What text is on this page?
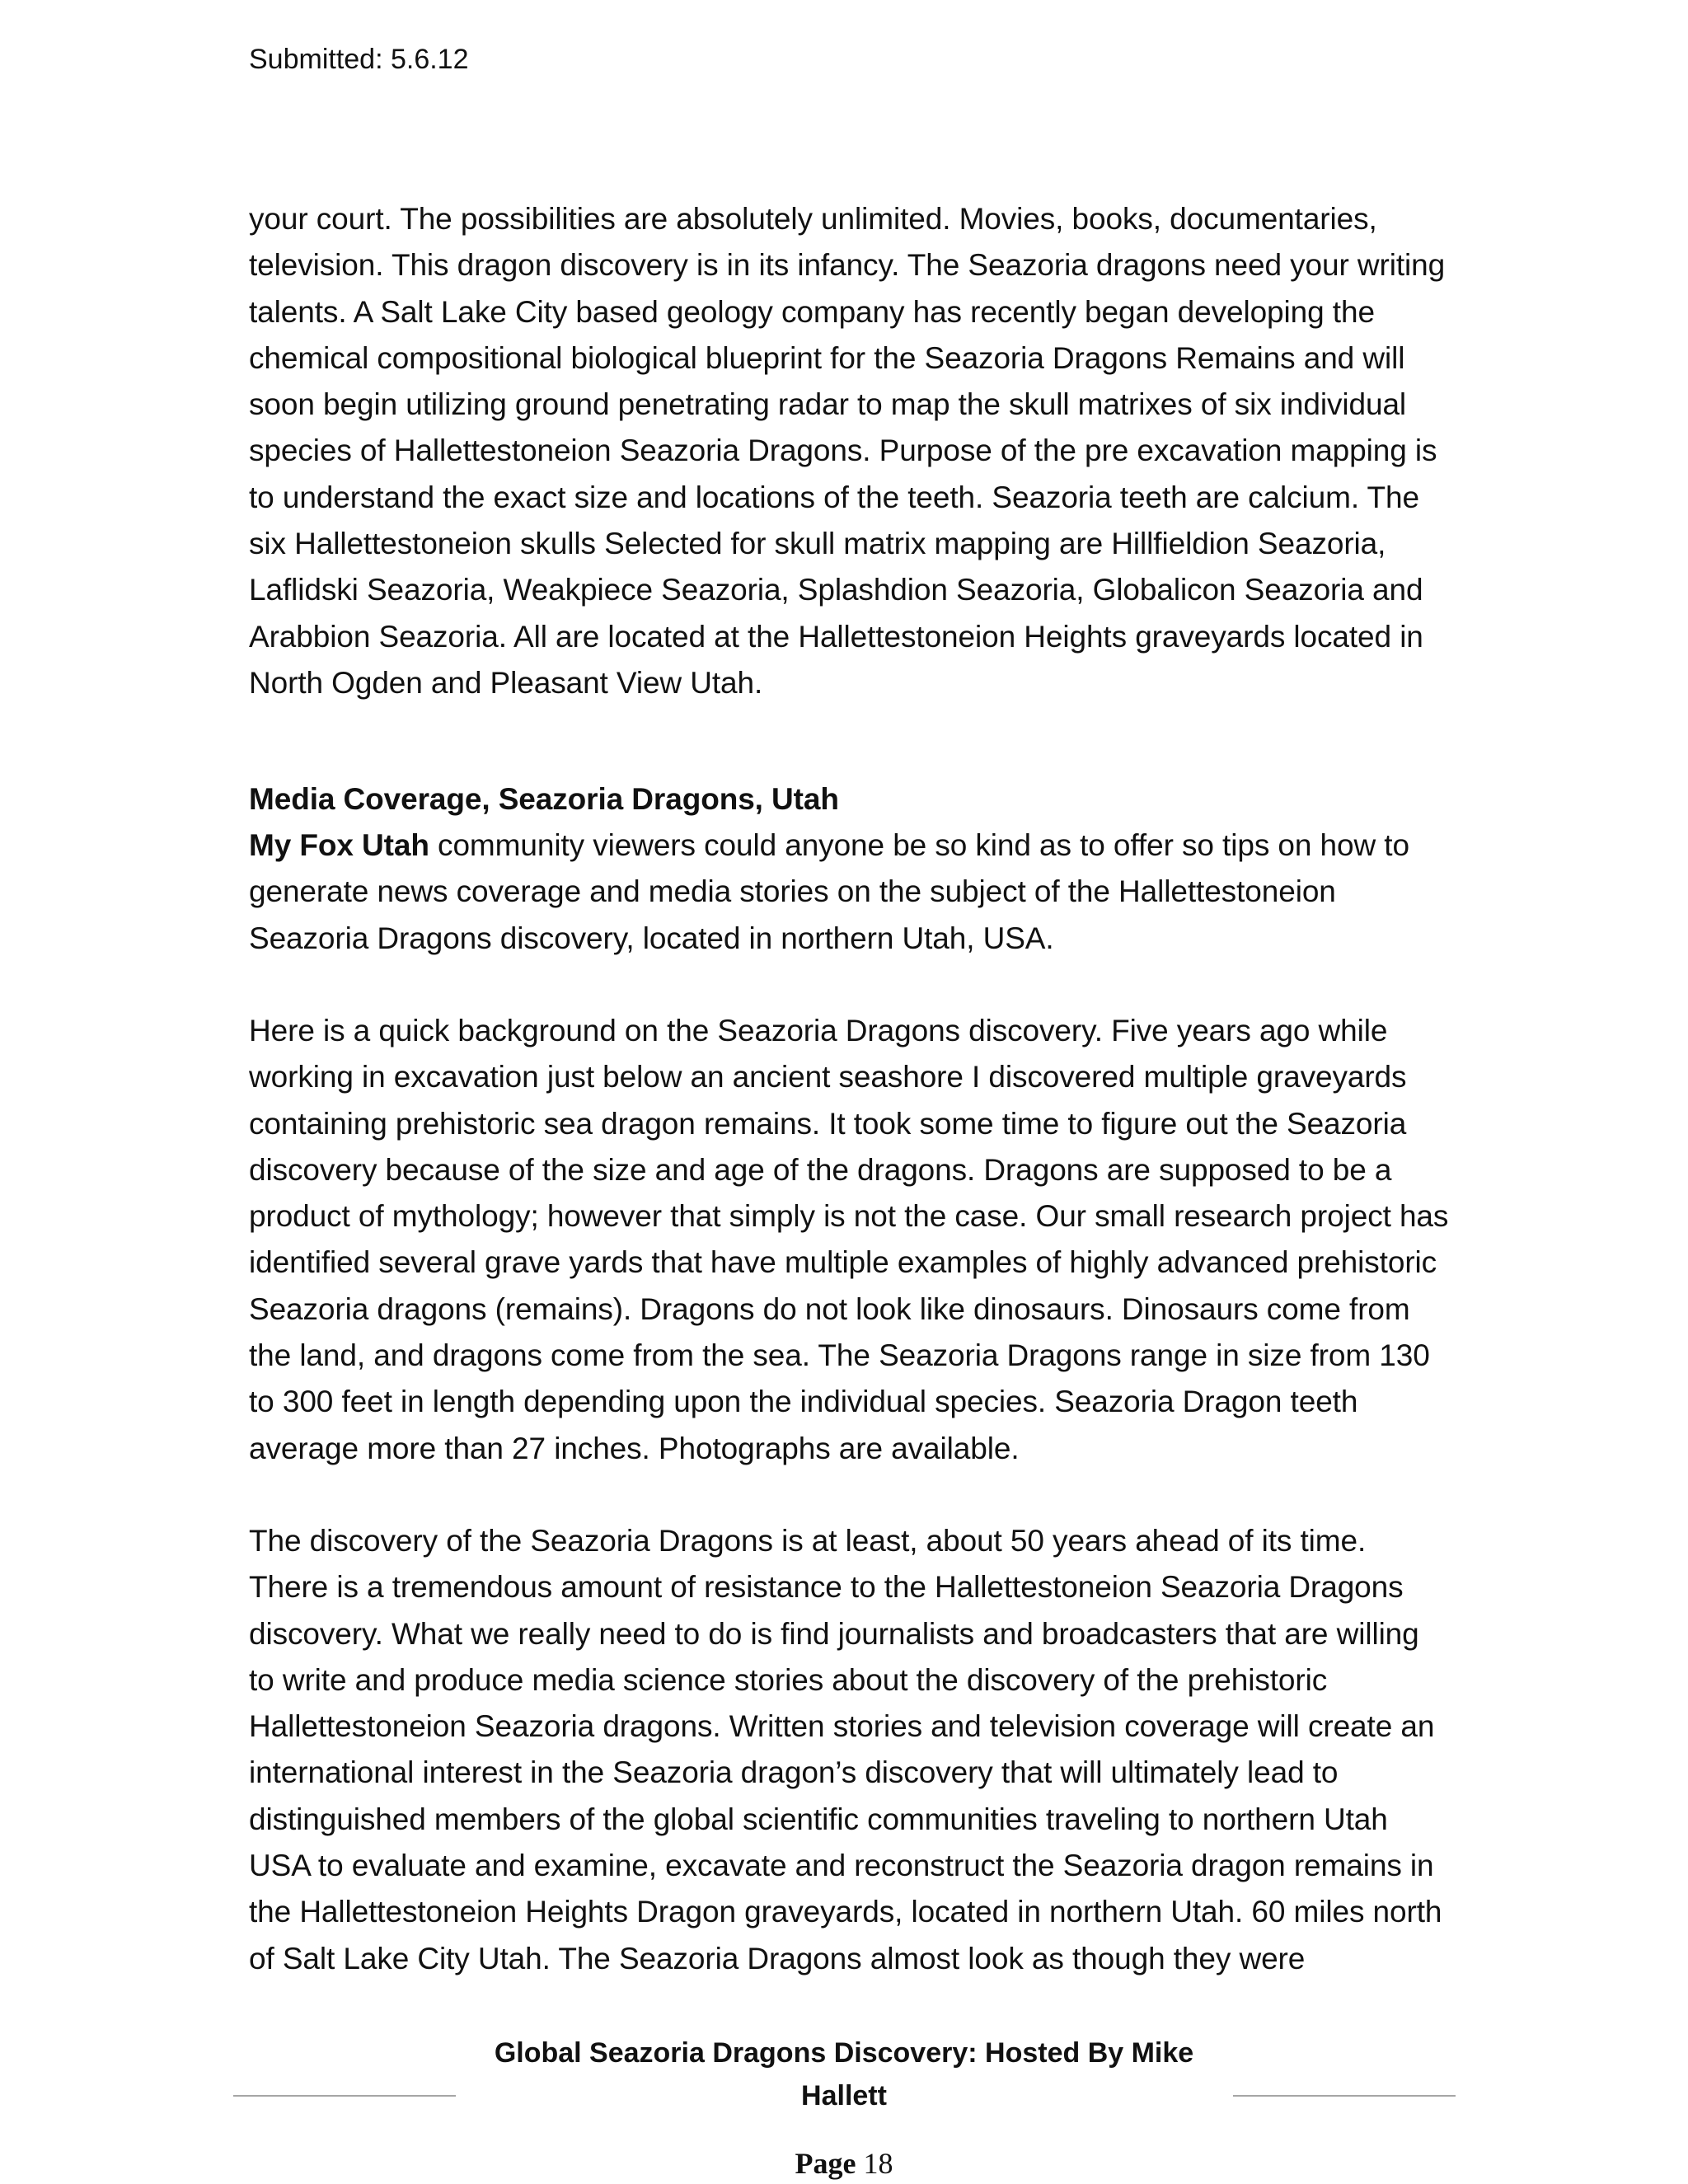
Submitted: 5.6.12

your court. The possibilities are absolutely unlimited. Movies, books, documentaries, television. This dragon discovery is in its infancy. The Seazoria dragons need your writing talents. A Salt Lake City based geology company has recently began developing the chemical compositional biological blueprint for the Seazoria Dragons Remains and will soon begin utilizing ground penetrating radar to map the skull matrixes of six individual species of Hallettestoneion Seazoria Dragons. Purpose of the pre excavation mapping is to understand the exact size and locations of the teeth. Seazoria teeth are calcium. The six Hallettestoneion skulls Selected for skull matrix mapping are Hillfieldion Seazoria, Laflidski Seazoria, Weakpiece Seazoria, Splashdion Seazoria, Globalicon Seazoria and Arabbion Seazoria. All are located at the Hallettestoneion Heights graveyards located in North Ogden and Pleasant View Utah.

Media Coverage, Seazoria Dragons, Utah

My Fox Utah community viewers could anyone be so kind as to offer so tips on how to generate news coverage and media stories on the subject of the Hallettestoneion Seazoria Dragons discovery, located in northern Utah, USA.

Here is a quick background on the Seazoria Dragons discovery. Five years ago while working in excavation just below an ancient seashore I discovered multiple graveyards containing prehistoric sea dragon remains. It took some time to figure out the Seazoria discovery because of the size and age of the dragons. Dragons are supposed to be a product of mythology; however that simply is not the case. Our small research project has identified several grave yards that have multiple examples of highly advanced prehistoric Seazoria dragons (remains). Dragons do not look like dinosaurs. Dinosaurs come from the land, and dragons come from the sea. The Seazoria Dragons range in size from 130 to 300 feet in length depending upon the individual species. Seazoria Dragon teeth average more than 27 inches. Photographs are available.

The discovery of the Seazoria Dragons is at least, about 50 years ahead of its time. There is a tremendous amount of resistance to the Hallettestoneion Seazoria Dragons discovery. What we really need to do is find journalists and broadcasters that are willing to write and produce media science stories about the discovery of the prehistoric Hallettestoneion Seazoria dragons. Written stories and television coverage will create an international interest in the Seazoria dragon’s discovery that will ultimately lead to distinguished members of the global scientific communities traveling to northern Utah USA to evaluate and examine, excavate and reconstruct the Seazoria dragon remains in the Hallettestoneion Heights Dragon graveyards, located in northern Utah. 60 miles north of Salt Lake City Utah. The Seazoria Dragons almost look as though they were

Global Seazoria Dragons Discovery: Hosted By Mike
Hallett
Page 18
